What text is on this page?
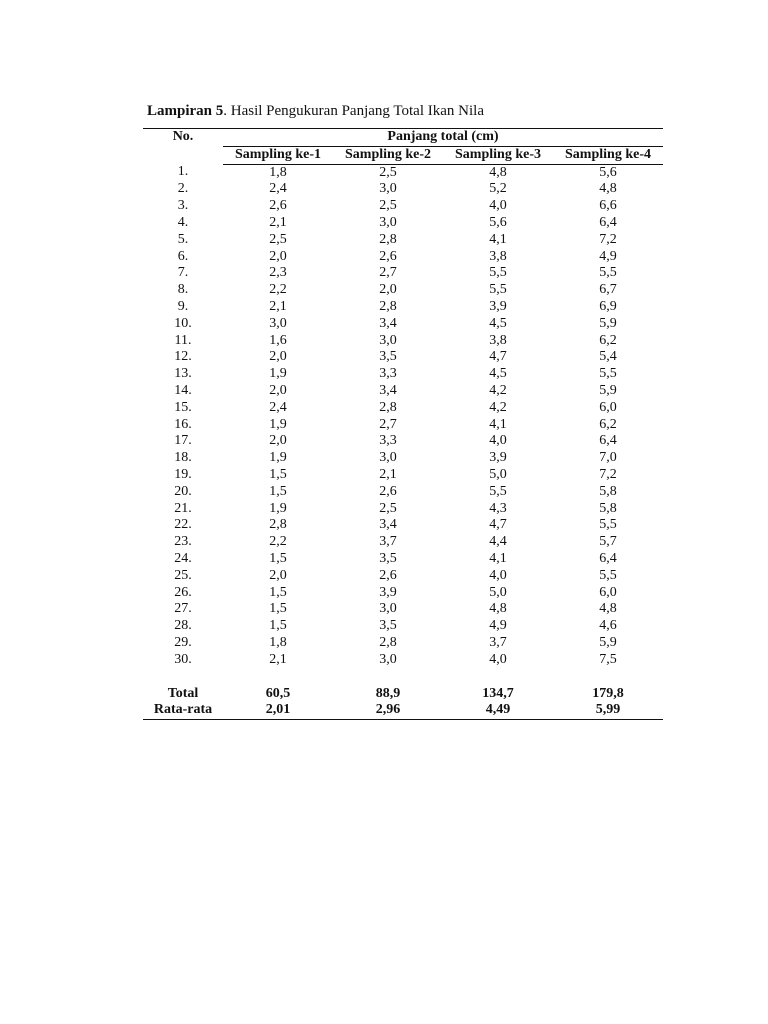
Lampiran 5. Hasil Pengukuran Panjang Total Ikan Nila
No.	Panjang total (cm)			
	Sampling ke-1	Sampling ke-2	Sampling ke-3	Sampling ke-4
1.	1,8	2,5	4,8	5,6
2.	2,4	3,0	5,2	4,8
3.	2,6	2,5	4,0	6,6
4.	2,1	3,0	5,6	6,4
5.	2,5	2,8	4,1	7,2
6.	2,0	2,6	3,8	4,9
7.	2,3	2,7	5,5	5,5
8.	2,2	2,0	5,5	6,7
9.	2,1	2,8	3,9	6,9
10.	3,0	3,4	4,5	5,9
11.	1,6	3,0	3,8	6,2
12.	2,0	3,5	4,7	5,4
13.	1,9	3,3	4,5	5,5
14.	2,0	3,4	4,2	5,9
15.	2,4	2,8	4,2	6,0
16.	1,9	2,7	4,1	6,2
17.	2,0	3,3	4,0	6,4
18.	1,9	3,0	3,9	7,0
19.	1,5	2,1	5,0	7,2
20.	1,5	2,6	5,5	5,8
21.	1,9	2,5	4,3	5,8
22.	2,8	3,4	4,7	5,5
23.	2,2	3,7	4,4	5,7
24.	1,5	3,5	4,1	6,4
25.	2,0	2,6	4,0	5,5
26.	1,5	3,9	5,0	6,0
27.	1,5	3,0	4,8	4,8
28.	1,5	3,5	4,9	4,6
29.	1,8	2,8	3,7	5,9
30.	2,1	3,0	4,0	7,5

Total	60,5	88,9	134,7	179,8
Rata-rata	2,01	2,96	4,49	5,99
